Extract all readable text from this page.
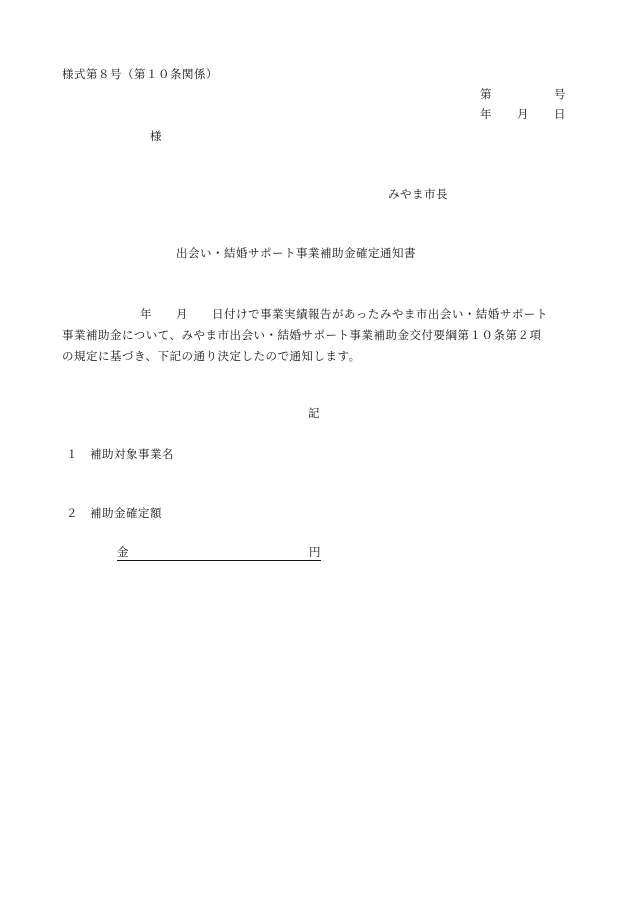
様式第８号（第１０条関係）
第	号
年 月 日
様
みやま市長
出会い・結婚サポート事業補助金確定通知書
年 月 日付けで事業実績報告があったみやま市出会い・結婚サポート
事業補助金について、みやま市出会い・結婚サポート事業補助金交付要綱第１０条第２項
の規定に基づき、下記の通り決定したので通知します。
記
１ 補助対象事業名
２ 補助金確定額
金	円
